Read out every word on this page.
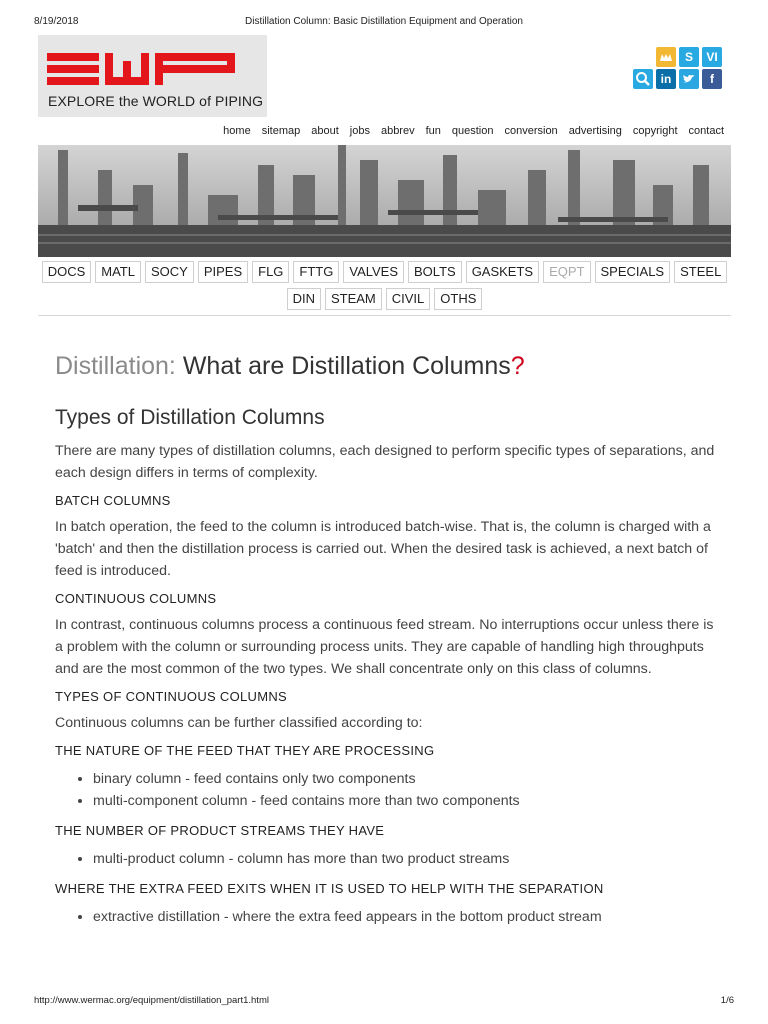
8/19/2018	Distillation Column: Basic Distillation Equipment and Operation
EXPLORE the WORLD of PIPING
S	VI
in	f
home sitemap about jobs abbrev fun question conversion advertising copyright contact
DOCS	MATL	SOCY	PIPES	FLG	FTTG	VALVES	BOLTS	GASKETS	EQPT	SPECIALS	STEEL
DIN	STEAM	CIVIL	OTHS
Distillation: What are Distillation Columns?
Types of Distillation Columns

There are many types of distillation columns, each designed to perform specific types of separations, and each design differs in terms of complexity.

BATCH COLUMNS

In batch operation, the feed to the column is introduced batch-wise. That is, the column is charged with a 'batch' and then the distillation process is carried out. When the desired task is achieved, a next batch of feed is introduced.

CONTINUOUS COLUMNS

In contrast, continuous columns process a continuous feed stream. No interruptions occur unless there is a problem with the column or surrounding process units. They are capable of handling high throughputs and are the most common of the two types. We shall concentrate only on this class of columns.

TYPES OF CONTINUOUS COLUMNS

Continuous columns can be further classified according to:

THE NATURE OF THE FEED THAT THEY ARE PROCESSING
• binary column - feed contains only two components
• multi-component column - feed contains more than two components
THE NUMBER OF PRODUCT STREAMS THEY HAVE
• multi-product column - column has more than two product streams
WHERE THE EXTRA FEED EXITS WHEN IT IS USED TO HELP WITH THE SEPARATION
• extractive distillation - where the extra feed appears in the bottom product stream
http://www.wermac.org/equipment/distillation_part1.html	1/6
